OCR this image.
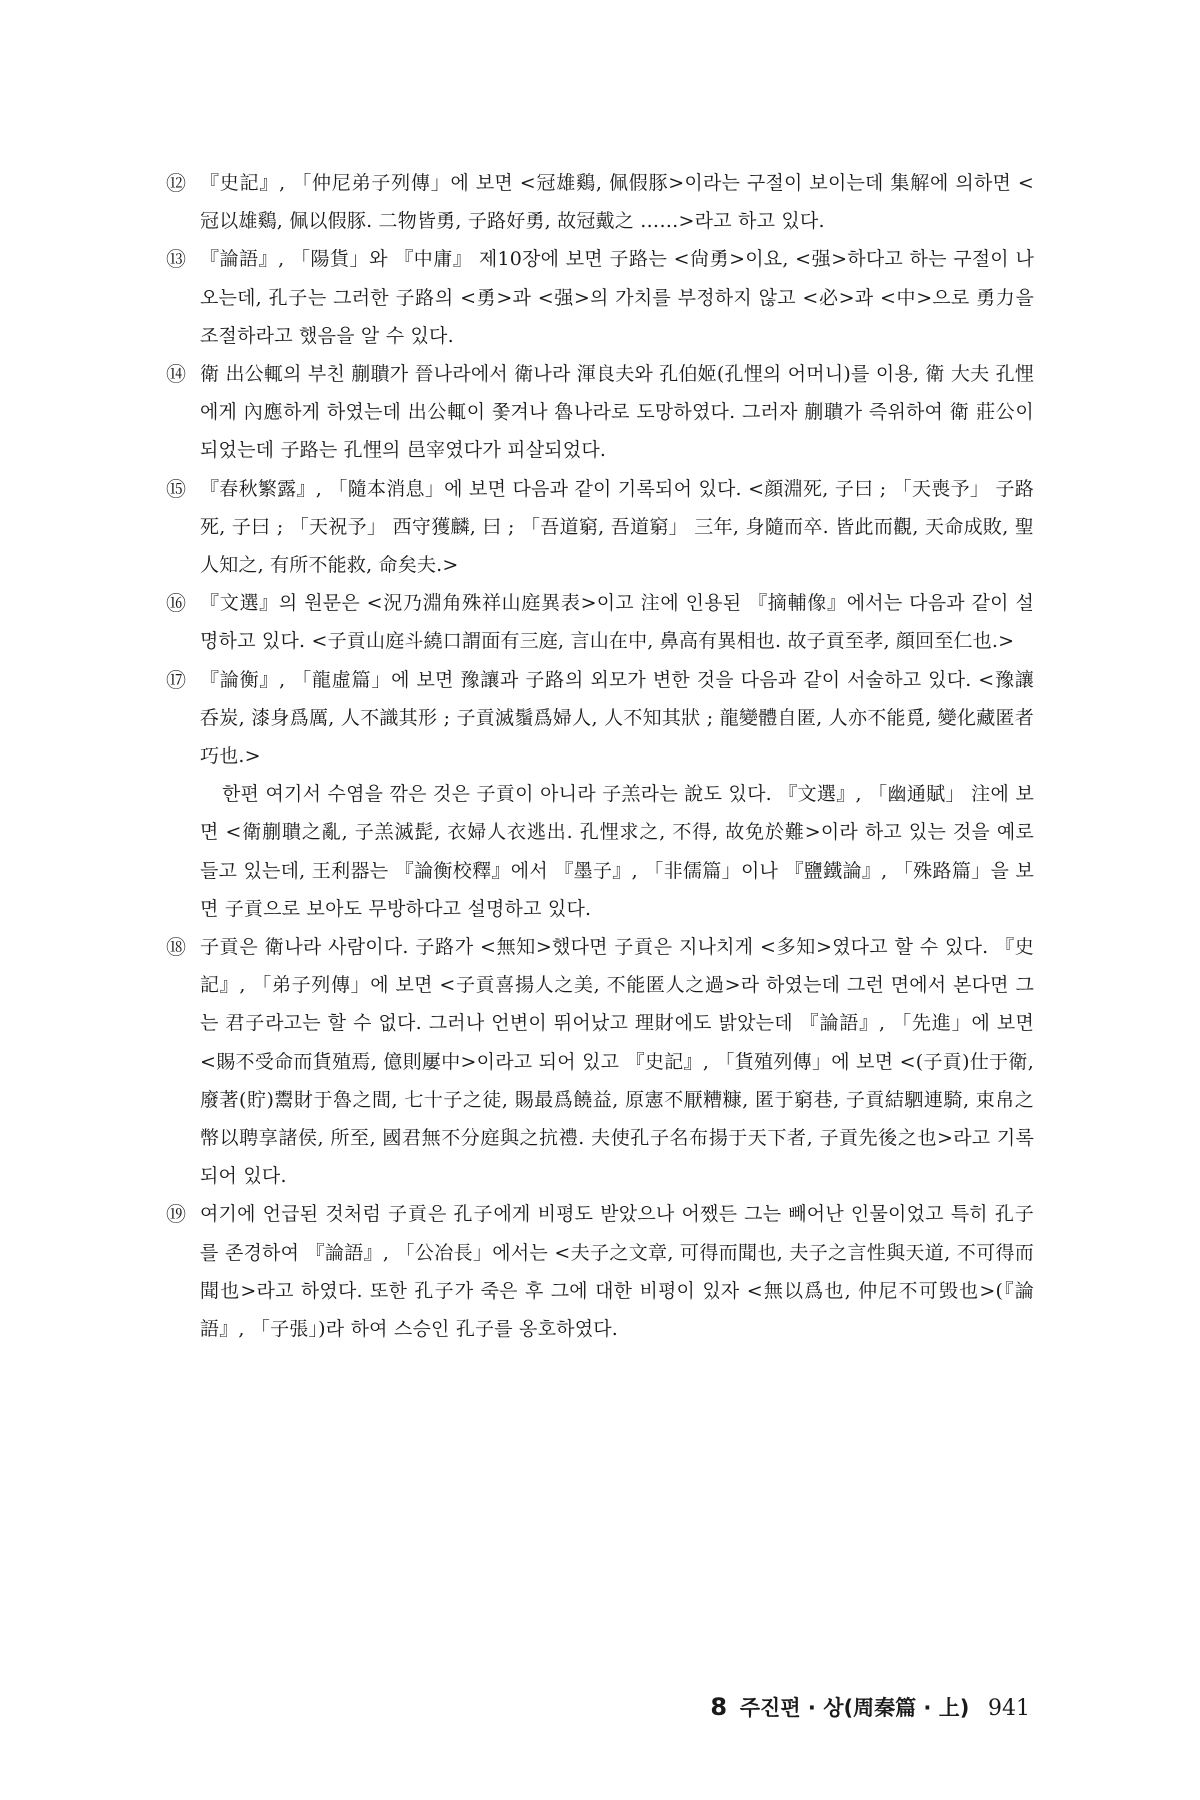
⑫ 『史記』, 「仲尼弟子列傳」에 보면 <冠雄鷄, 佩假豚>이라는 구절이 보이는데 集解에 의하면 <冠以雄鷄, 佩以假豚. 二物皆勇, 子路好勇, 故冠戴之 ……>라고 하고 있다.
⑬ 『論語』, 「陽貨」와 『中庸』 제10장에 보면 子路는 <尙勇>이요, <强>하다고 하는 구절이 나오는데, 孔子는 그러한 子路의 <勇>과 <强>의 가치를 부정하지 않고 <必>과 <中>으로 勇力을 조절하라고 했음을 알 수 있다.
⑭ 衛 出公輒의 부친 蒯聵가 晉나라에서 衛나라 渾良夫와 孔伯姬(孔悝의 어머니)를 이용, 衛 大夫 孔悝에게 內應하게 하였는데 出公輒이 쫓겨나 魯나라로 도망하였다. 그러자 蒯聵가 즉위하여 衛 莊公이 되었는데 子路는 孔悝의 邑宰였다가 피살되었다.
⑮ 『春秋繁露』, 「隨本消息」에 보면 다음과 같이 기록되어 있다. <顔淵死, 子曰 ; 「天喪予」 子路死, 子曰 ; 「天祝予」 西守獲麟, 曰 ; 「吾道窮, 吾道窮」 三年, 身隨而卒. 皆此而觀, 天命成敗, 聖人知之, 有所不能救, 命矣夫.>
⑯ 『文選』의 원문은 <況乃淵角殊祥山庭異表>이고 注에 인용된 『摘輔像』에서는 다음과 같이 설명하고 있다. <子貢山庭斗繞口謂面有三庭, 言山在中, 鼻高有異相也. 故子貢至孝, 顔回至仁也.>
⑰ 『論衡』, 「龍虛篇」에 보면 豫讓과 子路의 외모가 변한 것을 다음과 같이 서술하고 있다. <豫讓呑炭, 漆身爲厲, 人不識其形 ; 子貢滅鬚爲婦人, 人不知其狀 ; 龍變體自匿, 人亦不能覓, 變化藏匿者巧也.>
한편 여기서 수염을 깎은 것은 子貢이 아니라 子羔라는 說도 있다. 『文選』, 「幽通賦」 注에 보면 <衛蒯聵之亂, 子羔滅髭, 衣婦人衣逃出. 孔悝求之, 不得, 故免於難>이라 하고 있는 것을 예로 들고 있는데, 王利器는 『論衡校釋』에서 『墨子』, 「非儒篇」이나 『鹽鐵論』, 「殊路篇」을 보면 子貢으로 보아도 무방하다고 설명하고 있다.
⑱ 子貢은 衛나라 사람이다. 子路가 <無知>했다면 子貢은 지나치게 <多知>였다고 할 수 있다. 『史記』, 「弟子列傳」에 보면 <子貢喜揚人之美, 不能匿人之過>라 하였는데 그런 면에서 본다면 그는 君子라고는 할 수 없다. 그러나 언변이 뛰어났고 理財에도 밝았는데 『論語』, 「先進」에 보면 <賜不受命而貨殖焉, 億則屢中>이라고 되어 있고 『史記』, 「貨殖列傳」에 보면 <(子貢)仕于衛, 廢著(貯)鬻財于魯之間, 七十子之徒, 賜最爲饒益, 原憲不厭糟糠, 匿于窮巷, 子貢結駟連騎, 束帛之幣以聘享諸侯, 所至, 國君無不分庭與之抗禮. 夫使孔子名布揚于天下者, 子貢先後之也>라고 기록되어 있다.
⑲ 여기에 언급된 것처럼 子貢은 孔子에게 비평도 받았으나 어쨌든 그는 빼어난 인물이었고 특히 孔子를 존경하여 『論語』, 「公冶長」에서는 <夫子之文章, 可得而聞也, 夫子之言性與天道, 不可得而聞也>라고 하였다. 또한 孔子가 죽은 후 그에 대한 비평이 있자 <無以爲也, 仲尼不可毁也>(『論語』, 「子張」)라 하여 스승인 孔子를 옹호하였다.
8 주진편 · 상(周秦篇 · 上) 941
